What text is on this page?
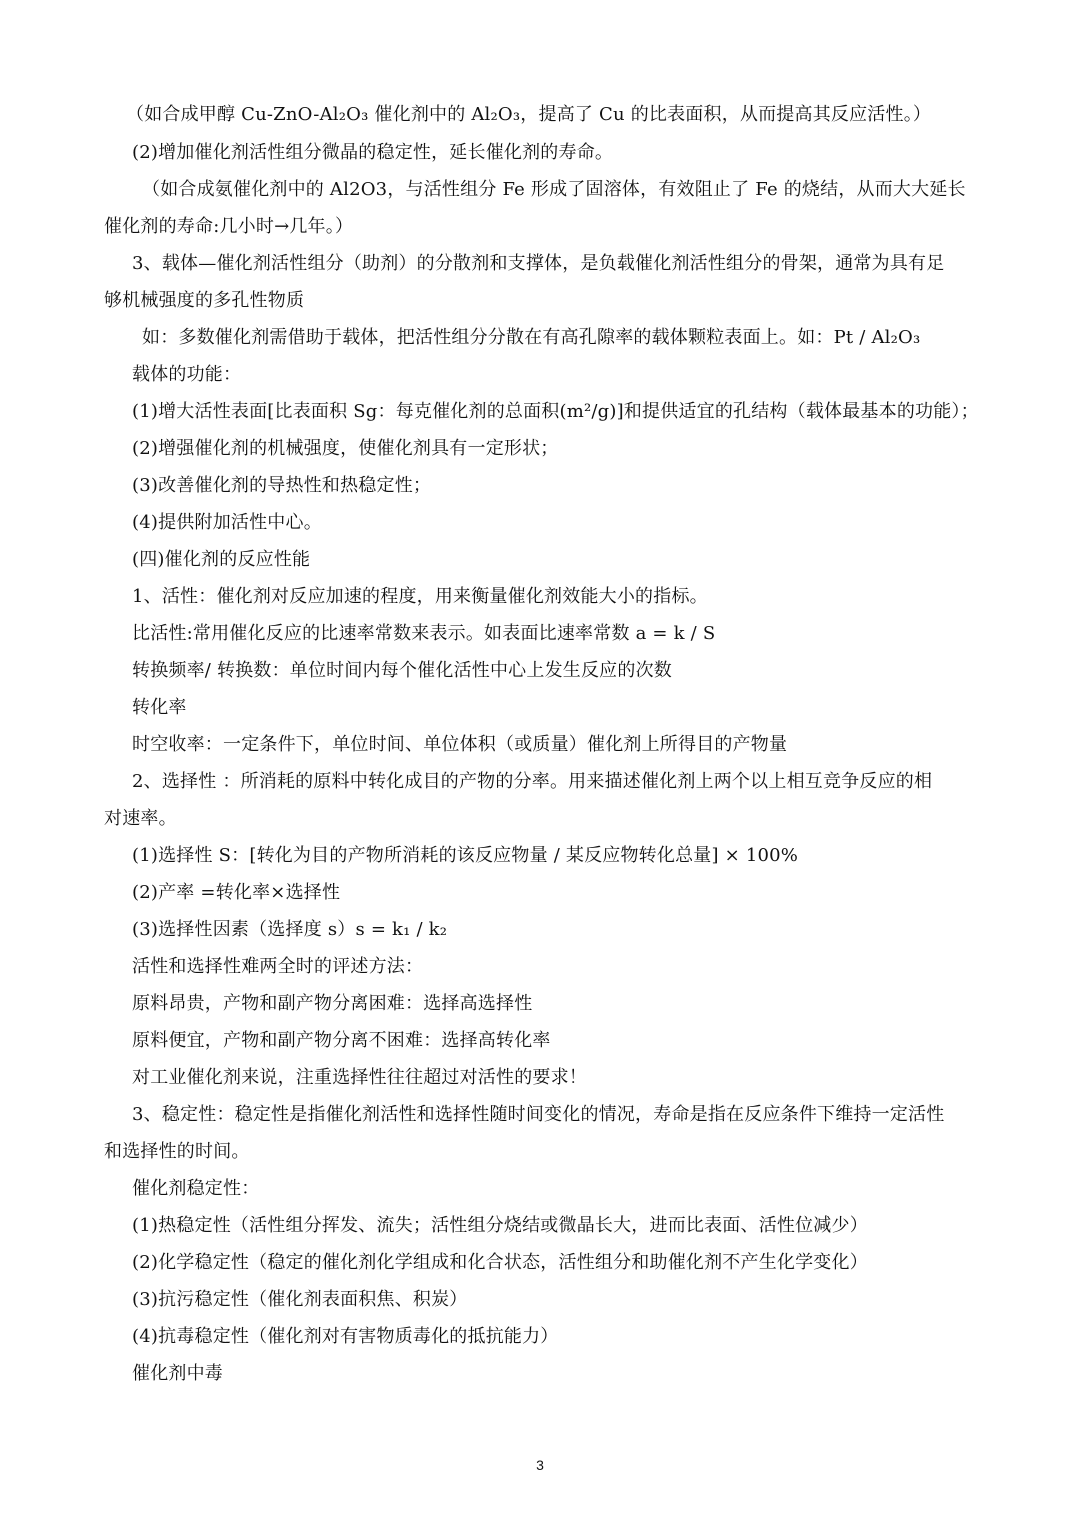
（如合成甲醇 Cu-ZnO-Al₂O₃ 催化剂中的 Al₂O₃，提高了 Cu 的比表面积，从而提高其反应活性。）
(2)增加催化剂活性组分微晶的稳定性，延长催化剂的寿命。
（如合成氨催化剂中的 Al2O3，与活性组分 Fe 形成了固溶体，有效阻止了 Fe 的烧结，从而大大延长
催化剂的寿命:几小时→几年。）
3、载体—催化剂活性组分（助剂）的分散剂和支撑体，是负载催化剂活性组分的骨架，通常为具有足
够机械强度的多孔性物质
如：多数催化剂需借助于载体，把活性组分分散在有高孔隙率的载体颗粒表面上。如：Pt / Al₂O₃
载体的功能：
(1)增大活性表面[比表面积 Sg：每克催化剂的总面积(m²/g)]和提供适宜的孔结构（载体最基本的功能）；
(2)增强催化剂的机械强度，使催化剂具有一定形状；
(3)改善催化剂的导热性和热稳定性；
(4)提供附加活性中心。
(四)催化剂的反应性能
1、活性：催化剂对反应加速的程度，用来衡量催化剂效能大小的指标。
比活性:常用催化反应的比速率常数来表示。如表面比速率常数 a = k / S
转换频率/ 转换数：单位时间内每个催化活性中心上发生反应的次数
转化率
时空收率：一定条件下，单位时间、单位体积（或质量）催化剂上所得目的产物量
2、选择性 ：所消耗的原料中转化成目的产物的分率。用来描述催化剂上两个以上相互竞争反应的相
对速率。
(1)选择性 S：[转化为目的产物所消耗的该反应物量 / 某反应物转化总量] × 100%
(2)产率 =转化率×选择性
(3)选择性因素（选择度 s）s = k₁ / k₂
活性和选择性难两全时的评述方法：
原料昂贵，产物和副产物分离困难：选择高选择性
原料便宜，产物和副产物分离不困难：选择高转化率
对工业催化剂来说，注重选择性往往超过对活性的要求！
3、稳定性：稳定性是指催化剂活性和选择性随时间变化的情况，寿命是指在反应条件下维持一定活性
和选择性的时间。
催化剂稳定性：
(1)热稳定性（活性组分挥发、流失；活性组分烧结或微晶长大，进而比表面、活性位减少）
(2)化学稳定性（稳定的催化剂化学组成和化合状态，活性组分和助催化剂不产生化学变化）
(3)抗污稳定性（催化剂表面积焦、积炭）
(4)抗毒稳定性（催化剂对有害物质毒化的抵抗能力）
催化剂中毒
3
